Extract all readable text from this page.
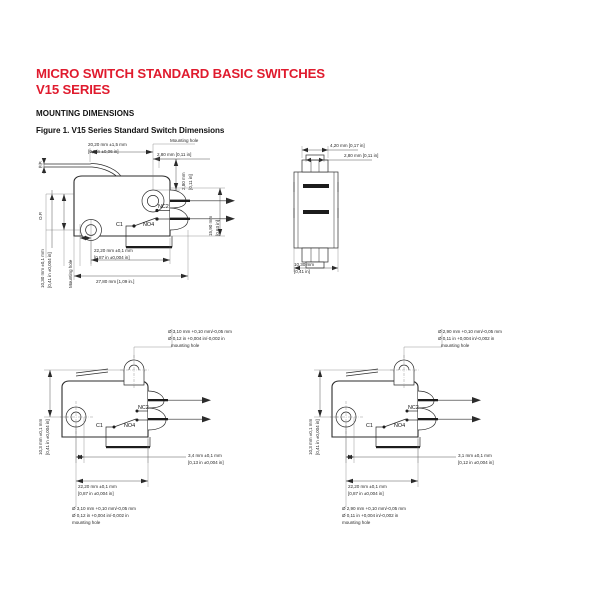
MICRO SWITCH STANDARD BASIC SWITCHES
V15 SERIES
MOUNTING DIMENSIONS
Figure 1. V15 Series Standard Switch Dimensions
F.P.
O.P.
Mounting hole
20,20 mm ±1,5 mm
[0,8 in ±0,06 in]
2,80 mm [0,11 in]
2,80 mm [0,11 in]
15,90 mm [0,63 in]
10,30 mm ±0,1 mm [0,41 in ±0,004 in]	Mounting hole
22,20 mm ±0,1 mm
[0,87 in ±0,004 in]
27,80 mm [1,09 in.]
NC2
C1	NO4
4,20 mm [0,17 in]
2,80 mm [0,11 in]
10,30 mm
[0,41 in]
Ø 3,10 mm +0,10 mm/-0,05 mm
Ø 0,12 in +0,004 in/-0,002 in
mounting hole
10,3 mm ±0,1 mm [0,41 in ±0,004 in]
3,4 mm ±0,1 mm
[0,13 in ±0,004 in]
22,20 mm ±0,1 mm
[0,87 in ±0,004 in]
NC2
C1	NO4
Ø 3,10 mm +0,10 mm/-0,05 mm
Ø 0,12 in +0,004 in/-0,002 in
mounting hole
Ø 2,90 mm +0,10 mm/-0,05 mm
Ø 0,11 in +0,004 in/-0,002 in
mounting hole
10,3 mm ±0,1 mm [0,41 in ±0,004 in]
3,1 mm ±0,1 mm
[0,12 in ±0,004 in]
22,20 mm ±0,1 mm
[0,87 in ±0,004 in]
NC2
C1	NO4
Ø 2,90 mm +0,10 mm/-0,05 mm
Ø 0,11 in +0,004 in/-0,002 in
mounting hole
